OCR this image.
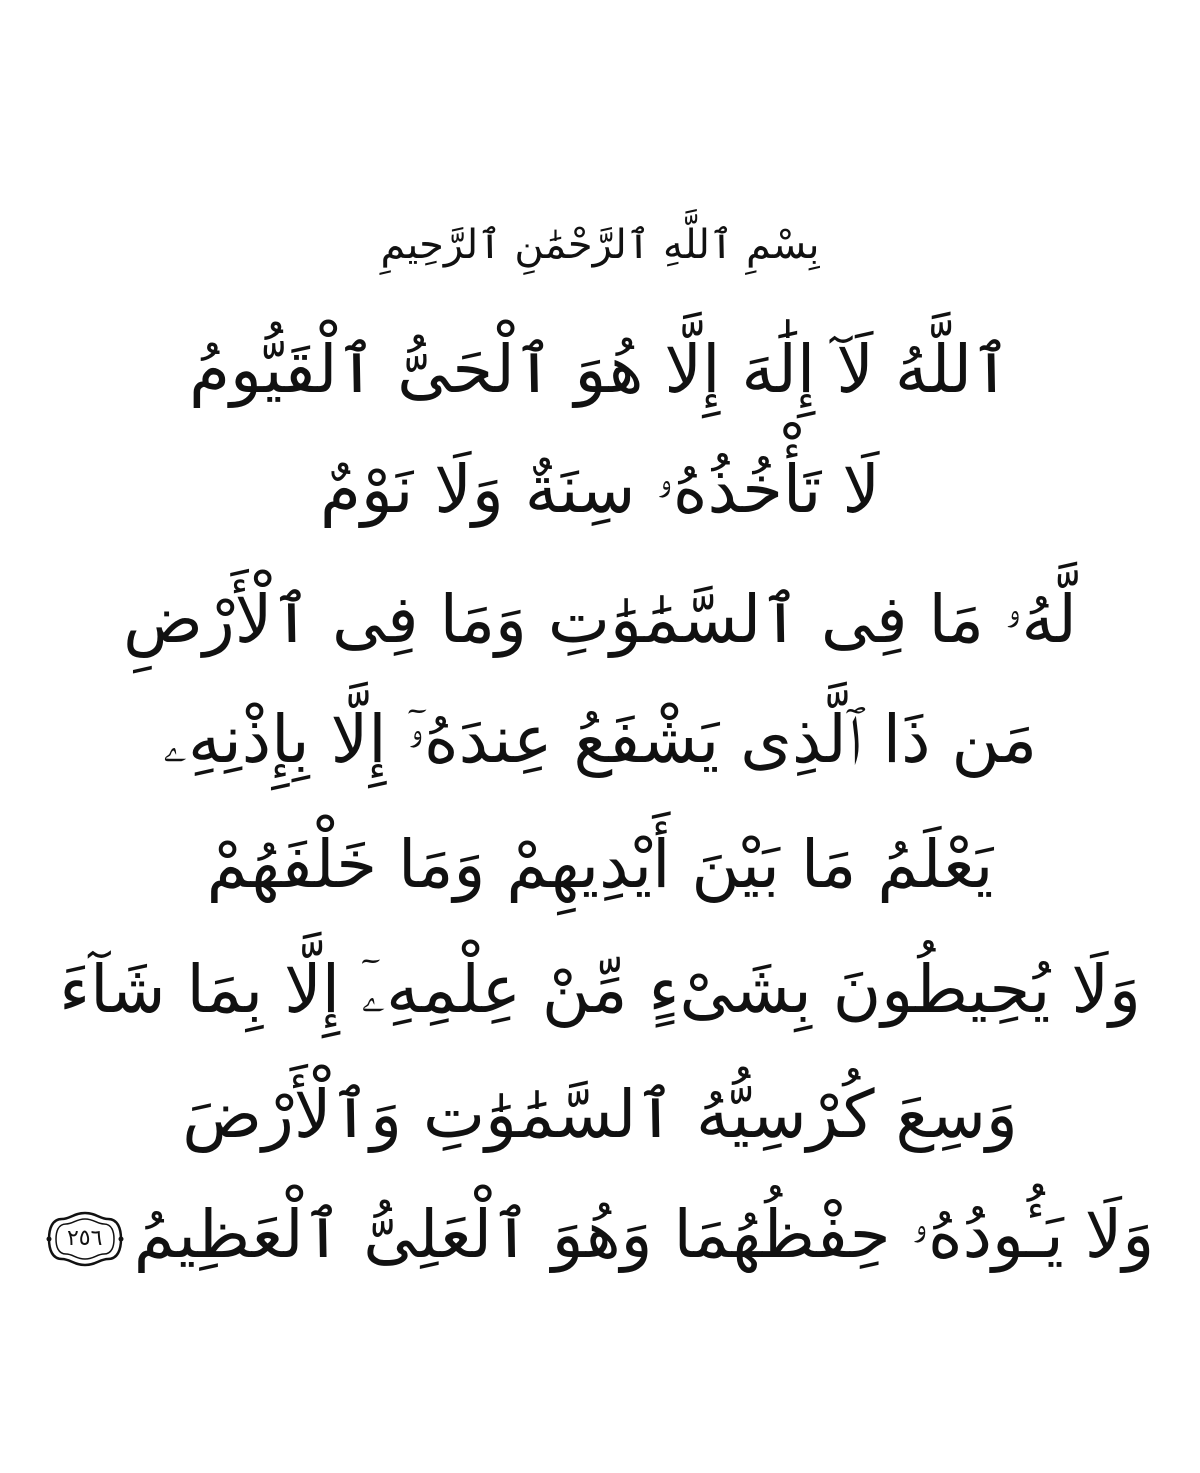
بِسْمِ ٱللَّهِ ٱلرَّحْمَٰنِ ٱلرَّحِيمِ
ٱللَّهُ لَآ إِلَٰهَ إِلَّا هُوَ ٱلْحَىُّ ٱلْقَيُّومُ
لَا تَأْخُذُهُۥ سِنَةٌ وَلَا نَوْمٌ
لَّهُۥ مَا فِى ٱلسَّمَٰوَٰتِ وَمَا فِى ٱلْأَرْضِ
مَن ذَا ٱلَّذِى يَشْفَعُ عِندَهُۥٓ إِلَّا بِإِذْنِهِۦ
يَعْلَمُ مَا بَيْنَ أَيْدِيهِمْ وَمَا خَلْفَهُمْ
وَلَا يُحِيطُونَ بِشَىْءٍ مِّنْ عِلْمِهِۦٓ إِلَّا بِمَا شَآءَ
وَسِعَ كُرْسِيُّهُ ٱلسَّمَٰوَٰتِ وَٱلْأَرْضَ
وَلَا يَـُٔودُهُۥ حِفْظُهُمَا وَهُوَ ٱلْعَلِىُّ ٱلْعَظِيمُ
٢٥٦
